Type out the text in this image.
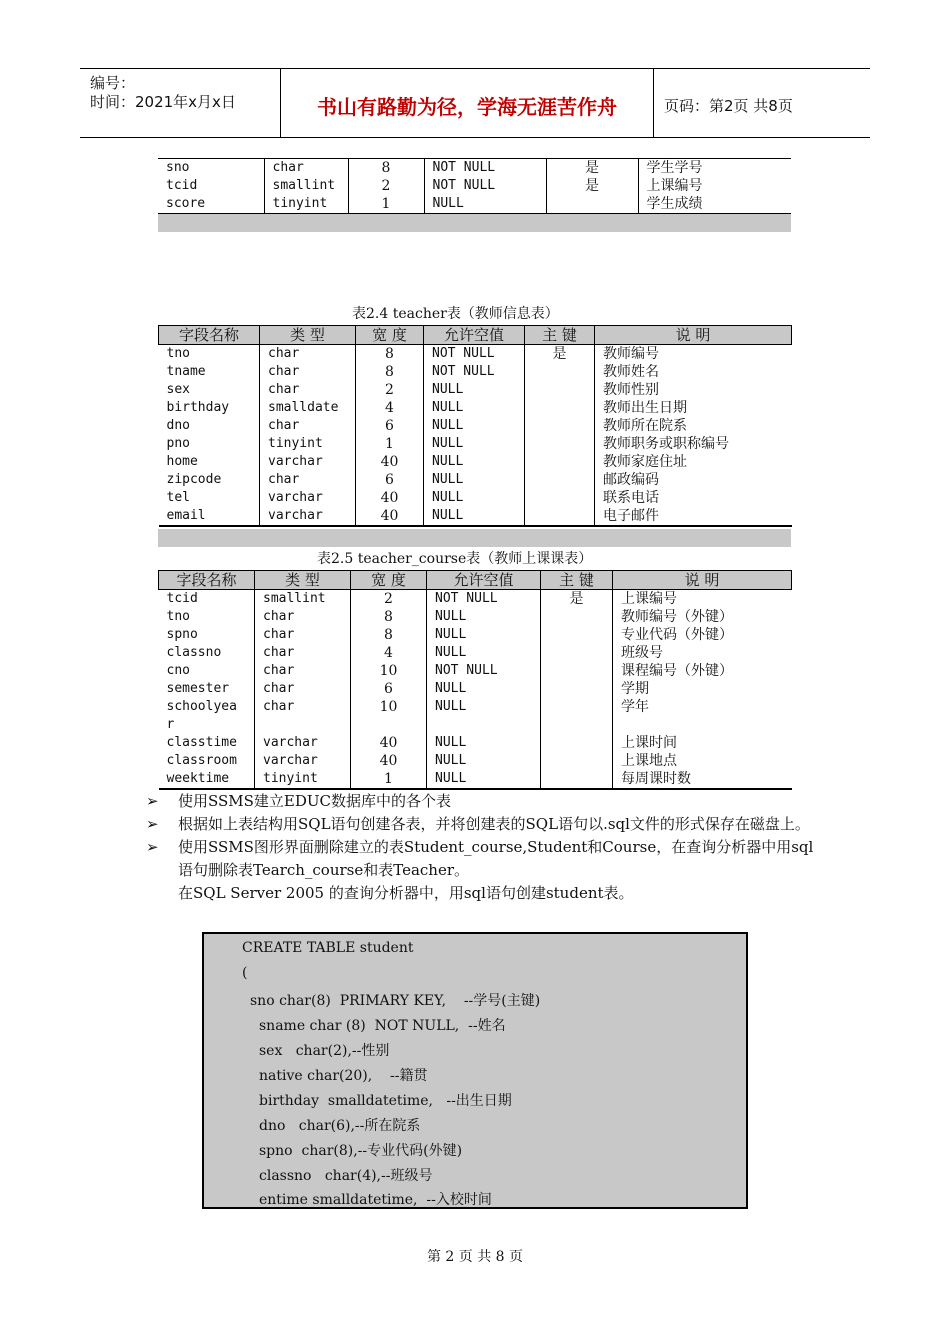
编号：
时间：2021年x月x日	书山有路勤为径，学海无涯苦作舟	页码：第2页 共8页
sno	char	8	NOT NULL	是	学生学号
tcid	smallint	2	NOT NULL	是	上课编号
score	tinyint	1	NULL		学生成绩
表2.4 teacher表（教师信息表）
字段名称	类 型	宽 度	允许空值	主 键	说 明
tno	char	8	NOT NULL	是	教师编号
tname	char	8	NOT NULL		教师姓名
sex	char	2	NULL		教师性别
birthday	smalldate	4	NULL		教师出生日期
dno	char	6	NULL		教师所在院系
pno	tinyint	1	NULL		教师职务或职称编号
home	varchar	40	NULL		教师家庭住址
zipcode	char	6	NULL		邮政编码
tel	varchar	40	NULL		联系电话
email	varchar	40	NULL		电子邮件
表2.5 teacher_course表（教师上课课表）
字段名称	类 型	宽 度	允许空值	主 键	说 明
tcid	smallint	2	NOT NULL	是	上课编号
tno	char	8	NULL		教师编号（外键）
spno	char	8	NULL		专业代码（外键）
classno	char	4	NULL		班级号
cno	char	10	NOT NULL		课程编号（外键）
semester	char	6	NULL		学期
schoolyea	char	10	NULL		学年
r					
classtime	varchar	40	NULL		上课时间
classroom	varchar	40	NULL		上课地点
weektime	tinyint	1	NULL		每周课时数
➢ 使用SSMS建立EDUC数据库中的各个表
➢ 根据如上表结构用SQL语句创建各表，并将创建表的SQL语句以.sql文件的形式保存在磁盘上。
➢ 使用SSMS图形界面删除建立的表Student_course,Student和Course，在查询分析器中用sql语句删除表Tearch_course和表Teacher。
在SQL Server 2005 的查询分析器中，用sql语句创建student表。
CREATE TABLE student
(
sno char(8)  PRIMARY KEY,    --学号(主键)
sname char (8)  NOT NULL,  --姓名
sex   char(2),--性别
native char(20),    --籍贯
birthday  smalldatetime,   --出生日期
dno   char(6),--所在院系
spno  char(8),--专业代码(外键)
classno   char(4),--班级号
entime smalldatetime,  --入校时间
第 2 页 共 8 页
